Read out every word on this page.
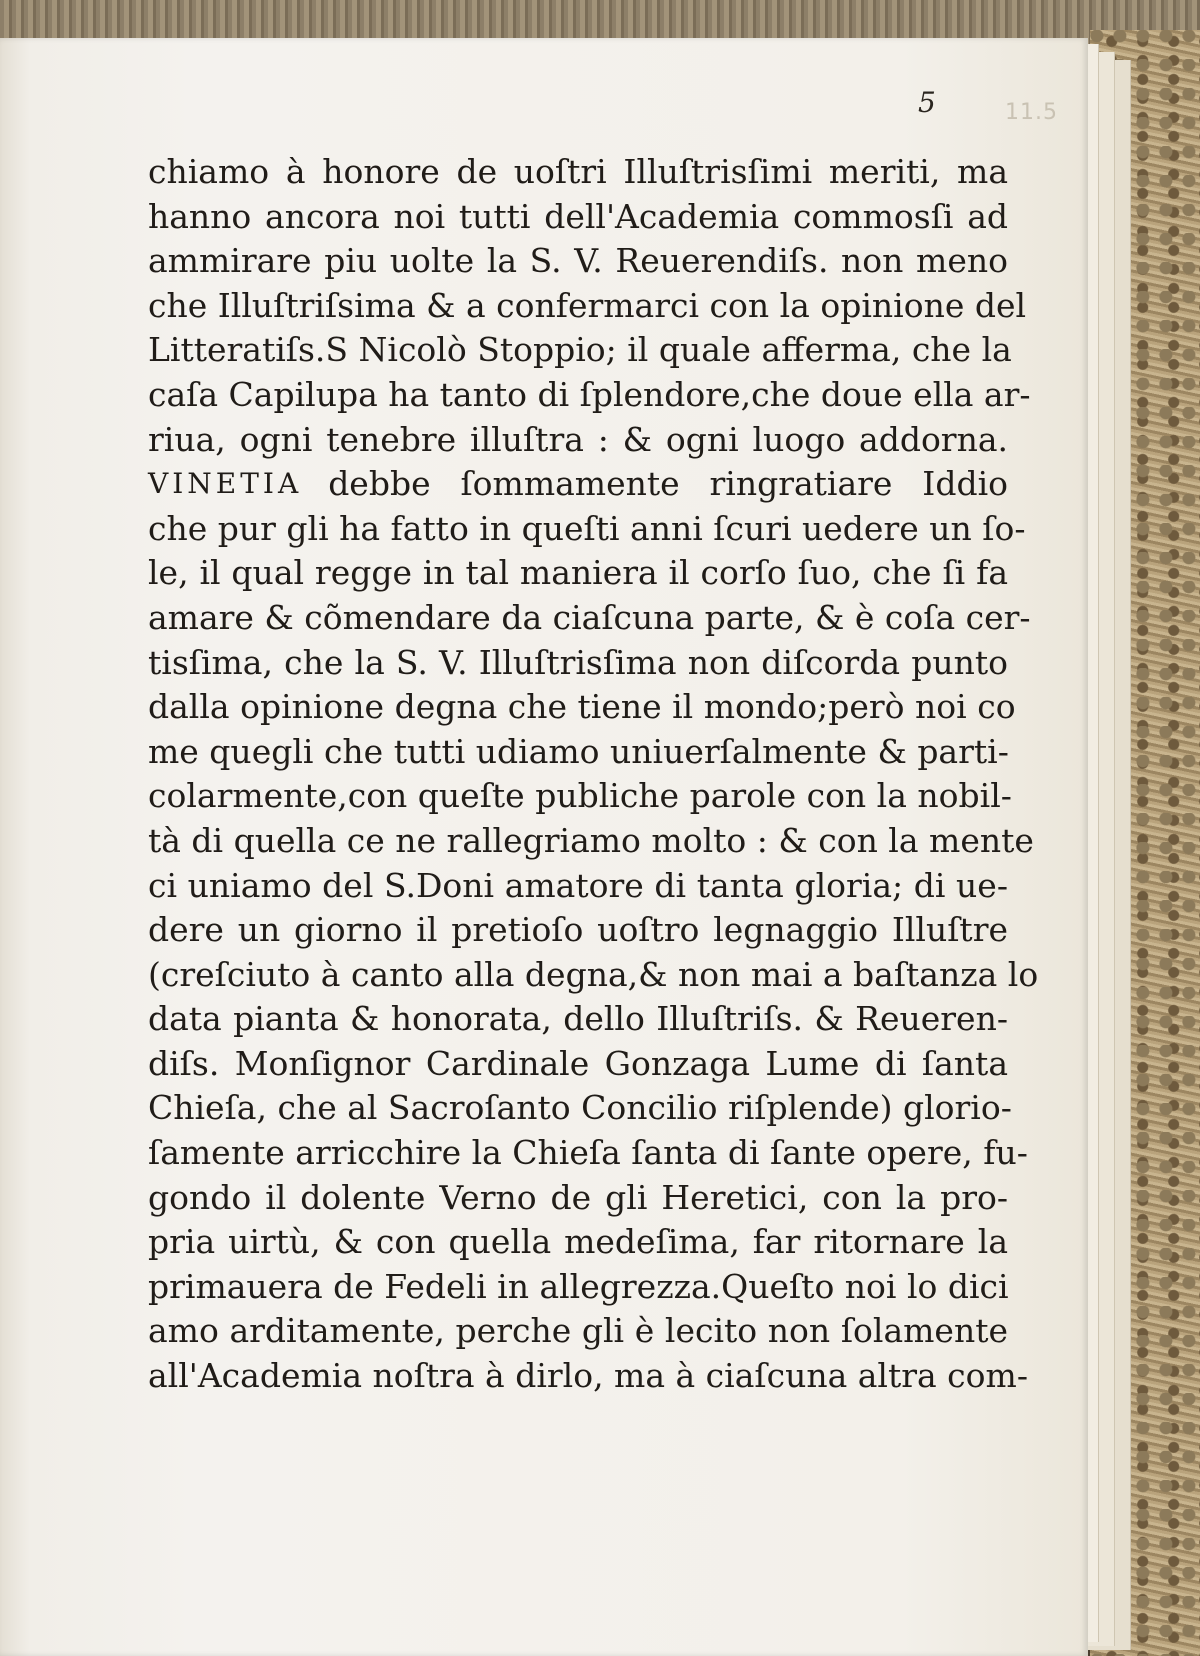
5	11.5
chiamo à honore de uoſtri Illuſtrisſimi meriti, ma
hanno ancora noi tutti dell'Academia commosſi ad
ammirare piu uolte la S. V. Reuerendiſs. non meno
che Illuſtriſsima & a confermarci con la opinione del
Litteratiſs.S Nicolò Stoppio; il quale afferma, che la
caſa Capilupa ha tanto di ſplendore,che doue ella ar-
riua, ogni tenebre illuſtra : & ogni luogo addorna.
VINETIA debbe ſommamente ringratiare Iddio
che pur gli ha fatto in queſti anni ſcuri uedere un ſo-
le, il qual regge in tal maniera il corſo ſuo, che ſi fa
amare & cõmendare da ciaſcuna parte, & è coſa cer-
tisſima, che la S. V. Illuſtrisſima non diſcorda punto
dalla opinione degna che tiene il mondo;però noi co
me quegli che tutti udiamo uniuerſalmente & parti-
colarmente,con queſte publiche parole con la nobil-
tà di quella ce ne rallegriamo molto : & con la mente
ci uniamo del S.Doni amatore di tanta gloria; di ue-
dere un giorno il pretioſo uoſtro legnaggio Illuſtre
(creſciuto à canto alla degna,& non mai a baſtanza lo
data pianta & honorata, dello Illuſtriſs. & Reueren-
diſs. Monſignor Cardinale Gonzaga Lume di ſanta
Chieſa, che al Sacroſanto Concilio riſplende) glorio-
ſamente arricchire la Chieſa ſanta di ſante opere, fu-
gondo il dolente Verno de gli Heretici, con la pro-
pria uirtù, & con quella medeſima, far ritornare la
primauera de Fedeli in allegrezza.Queſto noi lo dici
amo arditamente, perche gli è lecito non ſolamente
all'Academia noſtra à dirlo, ma à ciaſcuna altra com-
